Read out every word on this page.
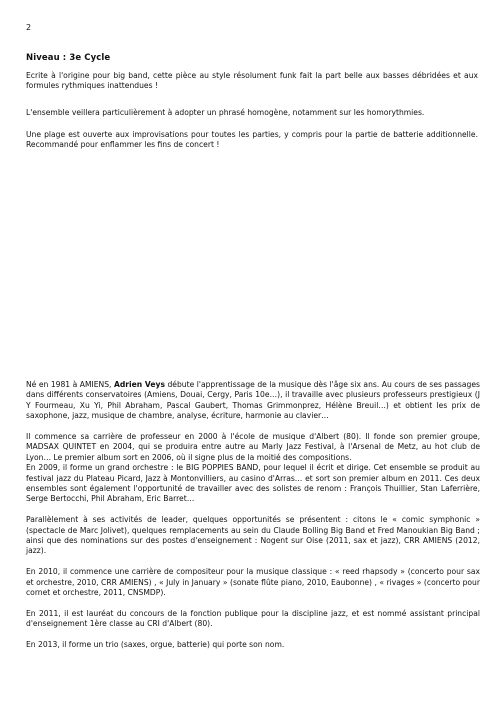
2
Niveau : 3e Cycle

Ecrite à l'origine pour big band, cette pièce au style résolument funk fait la part belle aux basses débridées et aux formules rythmiques inattendues !

L'ensemble veillera particulièrement à adopter un phrasé homogène, notamment sur les homorythmies.

Une plage est ouverte aux improvisations pour toutes les parties, y compris pour la partie de batterie additionnelle. Recommandé pour enflammer les fins de concert !

Né en 1981 à AMIENS, Adrien Veys débute l'apprentissage de la musique dès l'âge six ans. Au cours de ses passages dans différents conservatoires (Amiens, Douai, Cergy, Paris 10e…), il travaille avec plusieurs professeurs prestigieux (J Y Fourmeau, Xu Yi, Phil Abraham, Pascal Gaubert, Thomas Grimmonprez, Hélène Breuil…) et obtient les prix de saxophone, jazz, musique de chambre, analyse, écriture, harmonie au clavier…

Il commence sa carrière de professeur en 2000 à l'école de musique d'Albert (80). Il fonde son premier groupe, MADSAX QUINTET en 2004, qui se produira entre autre au Marly Jazz Festival, à l'Arsenal de Metz, au hot club de Lyon… Le premier album sort en 2006, où il signe plus de la moitié des compositions.

En 2009, il forme un grand orchestre : le BIG POPPIES BAND, pour lequel il écrit et dirige. Cet ensemble se produit au festival jazz du Plateau Picard, Jazz à Montonvilliers, au casino d'Arras… et sort son premier album en 2011. Ces deux ensembles sont également l'opportunité de travailler avec des solistes de renom : François Thuillier, Stan Laferrière, Serge Bertocchi, Phil Abraham, Eric Barret…

Parallèlement à ses activités de leader, quelques opportunités se présentent : citons le « comic symphonic » (spectacle de Marc Jolivet), quelques remplacements au sein du Claude Bolling Big Band et Fred Manoukian Big Band ; ainsi que des nominations sur des postes d'enseignement : Nogent sur Oise (2011, sax et jazz), CRR AMIENS (2012, jazz).

En 2010, il commence une carrière de compositeur pour la musique classique : « reed rhapsody » (concerto pour sax et orchestre, 2010, CRR AMIENS) , « July in January » (sonate flûte piano, 2010, Eaubonne) , « rivages » (concerto pour cornet et orchestre, 2011, CNSMDP).

En 2011, il est lauréat du concours de la fonction publique pour la discipline jazz, et est nommé assistant principal d'enseignement 1ère classe au CRI d'Albert (80).

En 2013, il forme un trio (saxes, orgue, batterie) qui porte son nom.
